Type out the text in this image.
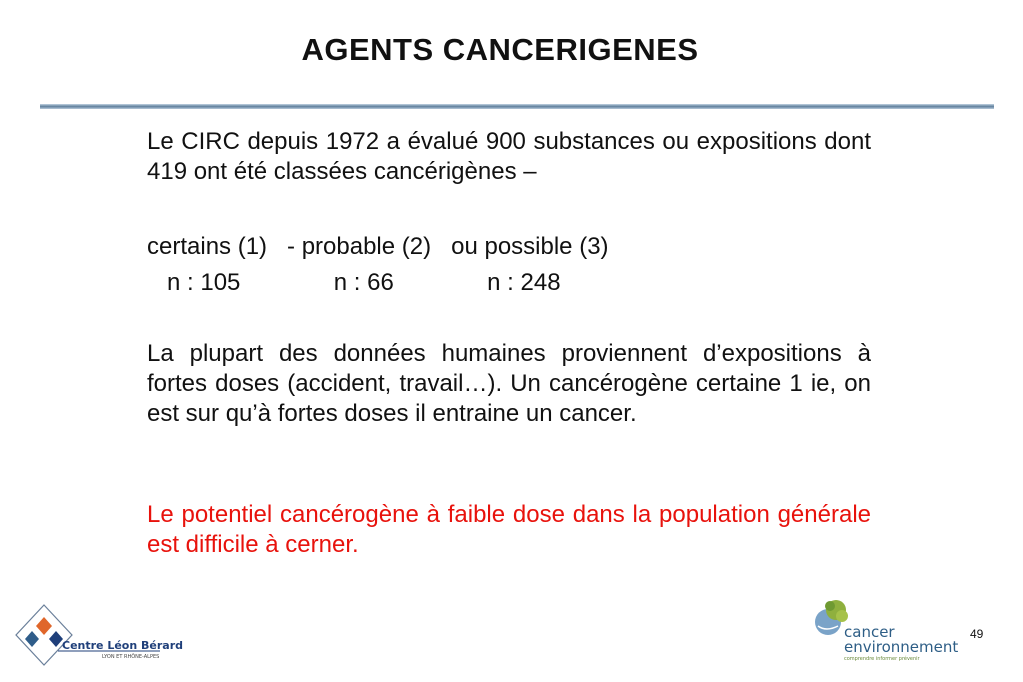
AGENTS CANCERIGENES

Le CIRC depuis 1972 a évalué 900 substances ou expositions dont 419 ont été classées cancérigènes –

certains (1)   - probable (2)   ou possible (3)
n : 105              n : 66              n : 248

La plupart des données humaines proviennent d’expositions à fortes doses (accident, travail…). Un cancérogène certaine 1 ie, on est sur qu’à fortes doses il entraine un cancer.

Le potentiel cancérogène à faible dose dans la population générale est difficile à cerner.

Centre Léon Bérard
LYON ET RHÔNE-ALPES
cancer
environnement
comprendre informer prévenir
49
